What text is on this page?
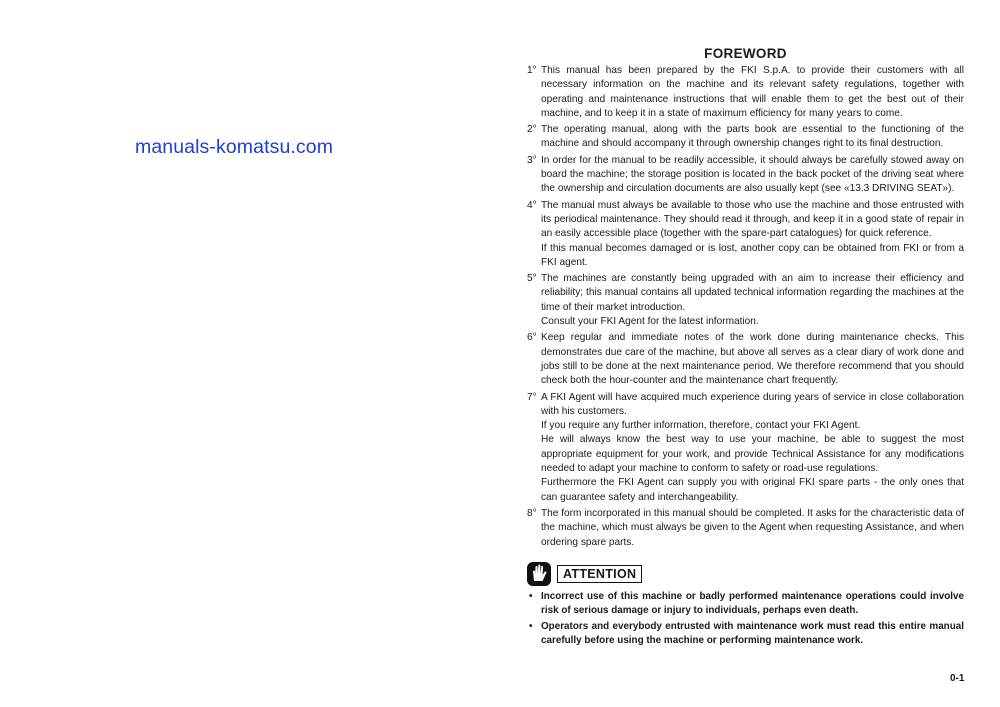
manuals-komatsu.com
FOREWORD
1° This manual has been prepared by the FKI S.p.A. to provide their customers with all necessary information on the machine and its relevant safety regulations, together with operating and maintenance instructions that will enable them to get the best out of their machine, and to keep it in a state of maximum efficiency for many years to come.

2° The operating manual, along with the parts book are essential to the functioning of the machine and should accompany it through ownership changes right to its final destruction.

3° In order for the manual to be readily accessible, it should always be carefully stowed away on board the machine; the storage position is located in the back pocket of the driving seat where the ownership and circulation documents are also usually kept (see «13.3 DRIVING SEAT»).

4° The manual must always be available to those who use the machine and those entrusted with its periodical maintenance. They should read it through, and keep it in a good state of repair in an easily accessible place (together with the spare-part catalogues) for quick reference.

If this manual becomes damaged or is lost, another copy can be obtained from FKI or from a FKI agent.

5° The machines are constantly being upgraded with an aim to increase their efficiency and reliability; this manual contains all updated technical information regarding the machines at the time of their market introduction.

Consult your FKI Agent for the latest information.

6° Keep regular and immediate notes of the work done during maintenance checks. This demonstrates due care of the machine, but above all serves as a clear diary of work done and jobs still to be done at the next maintenance period. We therefore recommend that you should check both the hour-counter and the maintenance chart frequently.

7° A FKI Agent will have acquired much experience during years of service in close collaboration with his customers.

If you require any further information, therefore, contact your FKI Agent.

He will always know the best way to use your machine, be able to suggest the most appropriate equipment for your work, and provide Technical Assistance for any modifications needed to adapt your machine to conform to safety or road-use regulations.

Furthermore the FKI Agent can supply you with original FKI spare parts - the only ones that can guarantee safety and interchangeability.

8° The form incorporated in this manual should be completed. It asks for the characteristic data of the machine, which must always be given to the Agent when requesting Assistance, and when ordering spare parts.

ATTENTION
• Incorrect use of this machine or badly performed maintenance operations could involve risk of serious damage or injury to individuals, perhaps even death.
• Operators and everybody entrusted with maintenance work must read this entire manual carefully before using the machine or performing maintenance work.
0-1
